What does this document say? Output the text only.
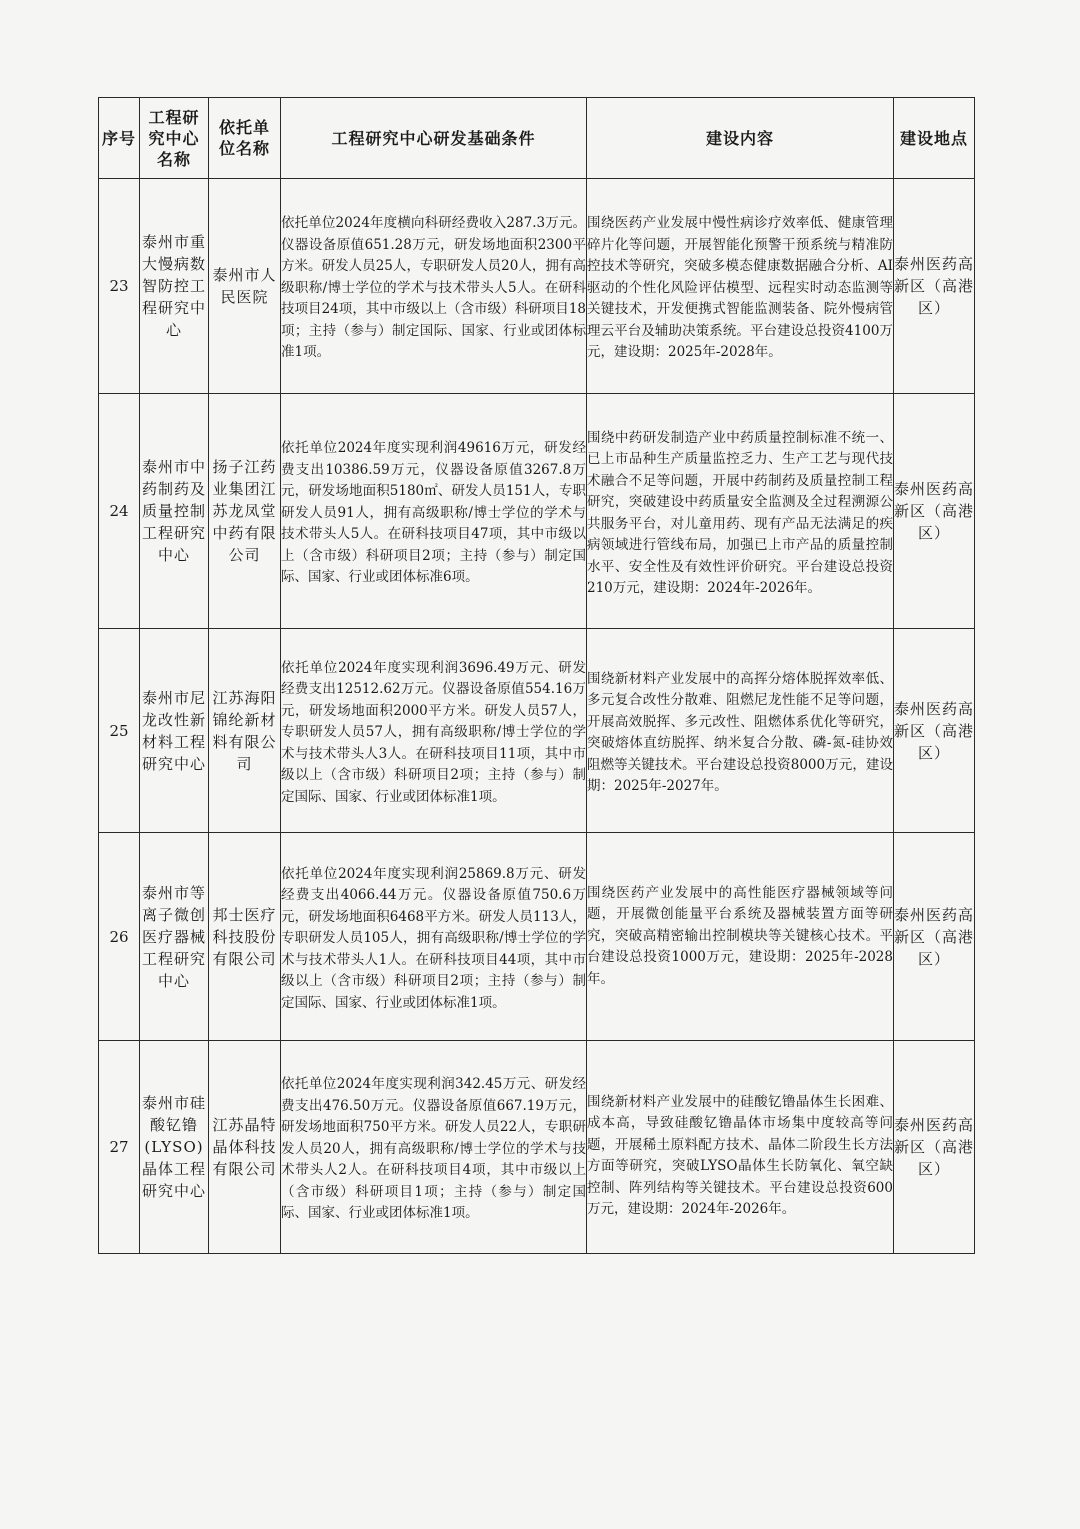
序号	工程研究中心名称	依托单位名称	工程研究中心研发基础条件	建设内容	建设地点
23	泰州市重大慢病数智防控工程研究中心	泰州市人民医院	依托单位2024年度横向科研经费收入287.3万元。仪器设备原值651.28万元，研发场地面积2300平方米。研发人员25人，专职研发人员20人，拥有高级职称/博士学位的学术与技术带头人5人。在研科技项目24项，其中市级以上（含市级）科研项目18项；主持（参与）制定国际、国家、行业或团体标准1项。	围绕医药产业发展中慢性病诊疗效率低、健康管理碎片化等问题，开展智能化预警干预系统与精准防控技术等研究，突破多模态健康数据融合分析、AI驱动的个性化风险评估模型、远程实时动态监测等关键技术，开发便携式智能监测装备、院外慢病管理云平台及辅助决策系统。平台建设总投资4100万元，建设期：2025年-2028年。	泰州医药高新区（高港区）
24	泰州市中药制药及质量控制工程研究中心	扬子江药业集团江苏龙凤堂中药有限公司	依托单位2024年度实现利润49616万元，研发经费支出10386.59万元，仪器设备原值3267.8万元，研发场地面积5180㎡、研发人员151人，专职研发人员91人，拥有高级职称/博士学位的学术与技术带头人5人。在研科技项目47项，其中市级以上（含市级）科研项目2项；主持（参与）制定国际、国家、行业或团体标准6项。	围绕中药研发制造产业中药质量控制标准不统一、已上市品种生产质量监控乏力、生产工艺与现代技术融合不足等问题，开展中药制药及质量控制工程研究，突破建设中药质量安全监测及全过程溯源公共服务平台，对儿童用药、现有产品无法满足的疾病领域进行管线布局，加强已上市产品的质量控制水平、安全性及有效性评价研究。平台建设总投资210万元，建设期：2024年-2026年。	泰州医药高新区（高港区）
25	泰州市尼龙改性新材料工程研究中心	江苏海阳锦纶新材料有限公司	依托单位2024年度实现利润3696.49万元、研发经费支出12512.62万元。仪器设备原值554.16万元，研发场地面积2000平方米。研发人员57人，专职研发人员57人，拥有高级职称/博士学位的学术与技术带头人3人。在研科技项目11项，其中市级以上（含市级）科研项目2项；主持（参与）制定国际、国家、行业或团体标准1项。	围绕新材料产业发展中的高挥分熔体脱挥效率低、多元复合改性分散难、阻燃尼龙性能不足等问题，开展高效脱挥、多元改性、阻燃体系优化等研究，突破熔体直纺脱挥、纳米复合分散、磷-氮-硅协效阻燃等关键技术。平台建设总投资8000万元，建设期：2025年-2027年。	泰州医药高新区（高港区）
26	泰州市等离子微创医疗器械工程研究中心	邦士医疗科技股份有限公司	依托单位2024年度实现利润25869.8万元、研发经费支出4066.44万元。仪器设备原值750.6万元，研发场地面积6468平方米。研发人员113人，专职研发人员105人，拥有高级职称/博士学位的学术与技术带头人1人。在研科技项目44项，其中市级以上（含市级）科研项目2项；主持（参与）制定国际、国家、行业或团体标准1项。	围绕医药产业发展中的高性能医疗器械领域等问题，开展微创能量平台系统及器械装置方面等研究，突破高精密输出控制模块等关键核心技术。平台建设总投资1000万元，建设期：2025年-2028年。	泰州医药高新区（高港区）
27	泰州市硅酸钇镥(LYSO)晶体工程研究中心	江苏晶特晶体科技有限公司	依托单位2024年度实现利润342.45万元、研发经费支出476.50万元。仪器设备原值667.19万元，研发场地面积750平方米。研发人员22人，专职研发人员20人，拥有高级职称/博士学位的学术与技术带头人2人。在研科技项目4项，其中市级以上（含市级）科研项目1项；主持（参与）制定国际、国家、行业或团体标准1项。	围绕新材料产业发展中的硅酸钇镥晶体生长困难、成本高，导致硅酸钇镥晶体市场集中度较高等问题，开展稀土原料配方技术、晶体二阶段生长方法方面等研究，突破LYSO晶体生长防氧化、氧空缺控制、阵列结构等关键技术。平台建设总投资600万元，建设期：2024年-2026年。	泰州医药高新区（高港区）
